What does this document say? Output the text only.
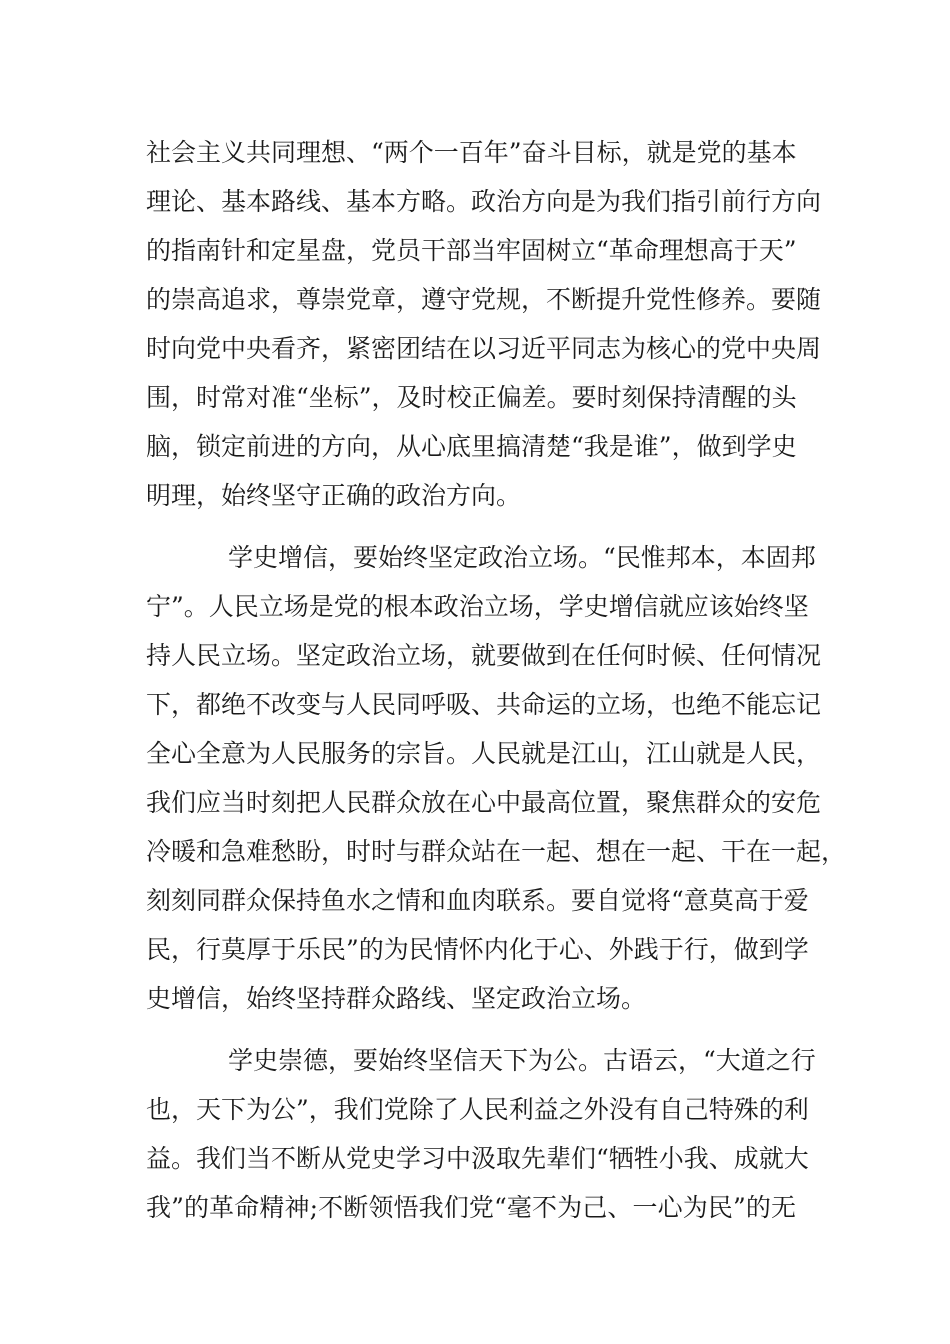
社会主义共同理想、“两个一百年”奋斗目标，就是党的基本
理论、基本路线、基本方略。政治方向是为我们指引前行方向
的指南针和定星盘，党员干部当牢固树立“革命理想高于天”
的崇高追求，尊崇党章，遵守党规，不断提升党性修养。要随
时向党中央看齐，紧密团结在以习近平同志为核心的党中央周
围，时常对准“坐标”，及时校正偏差。要时刻保持清醒的头
脑，锁定前进的方向，从心底里搞清楚“我是谁”，做到学史
明理，始终坚守正确的政治方向。
学史增信，要始终坚定政治立场。“民惟邦本，本固邦
宁”。人民立场是党的根本政治立场，学史增信就应该始终坚
持人民立场。坚定政治立场，就要做到在任何时候、任何情况
下，都绝不改变与人民同呼吸、共命运的立场，也绝不能忘记
全心全意为人民服务的宗旨。人民就是江山，江山就是人民，
我们应当时刻把人民群众放在心中最高位置，聚焦群众的安危
冷暖和急难愁盼，时时与群众站在一起、想在一起、干在一起，
刻刻同群众保持鱼水之情和血肉联系。要自觉将“意莫高于爱
民，行莫厚于乐民”的为民情怀内化于心、外践于行，做到学
史增信，始终坚持群众路线、坚定政治立场。
学史崇德，要始终坚信天下为公。古语云，“大道之行
也，天下为公”，我们党除了人民利益之外没有自己特殊的利
益。我们当不断从党史学习中汲取先辈们“牺牲小我、成就大
我”的革命精神;不断领悟我们党“毫不为己、一心为民”的无
